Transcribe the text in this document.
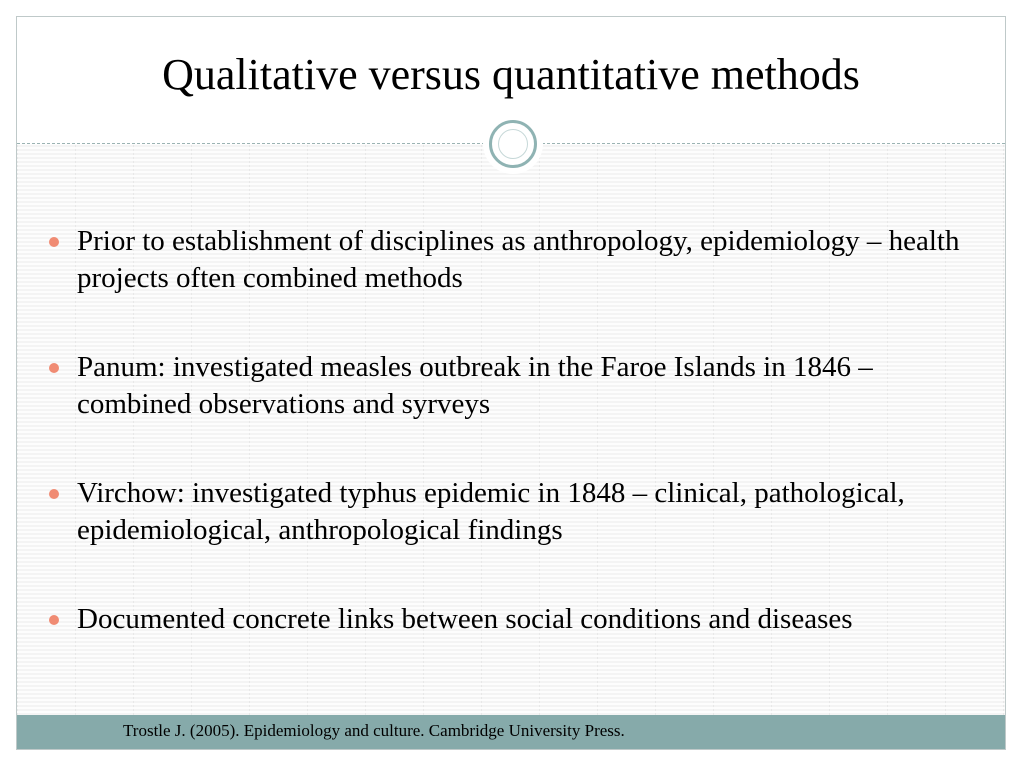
Qualitative versus quantitative methods
Prior to establishment of disciplines as anthropology, epidemiology – health projects often combined methods
Panum: investigated measles outbreak in the Faroe Islands in 1846 – combined observations and syrveys
Virchow: investigated typhus epidemic in 1848 – clinical, pathological, epidemiological, anthropological findings
Documented concrete links between social conditions and diseases
Trostle J. (2005). Epidemiology and culture. Cambridge University Press.
